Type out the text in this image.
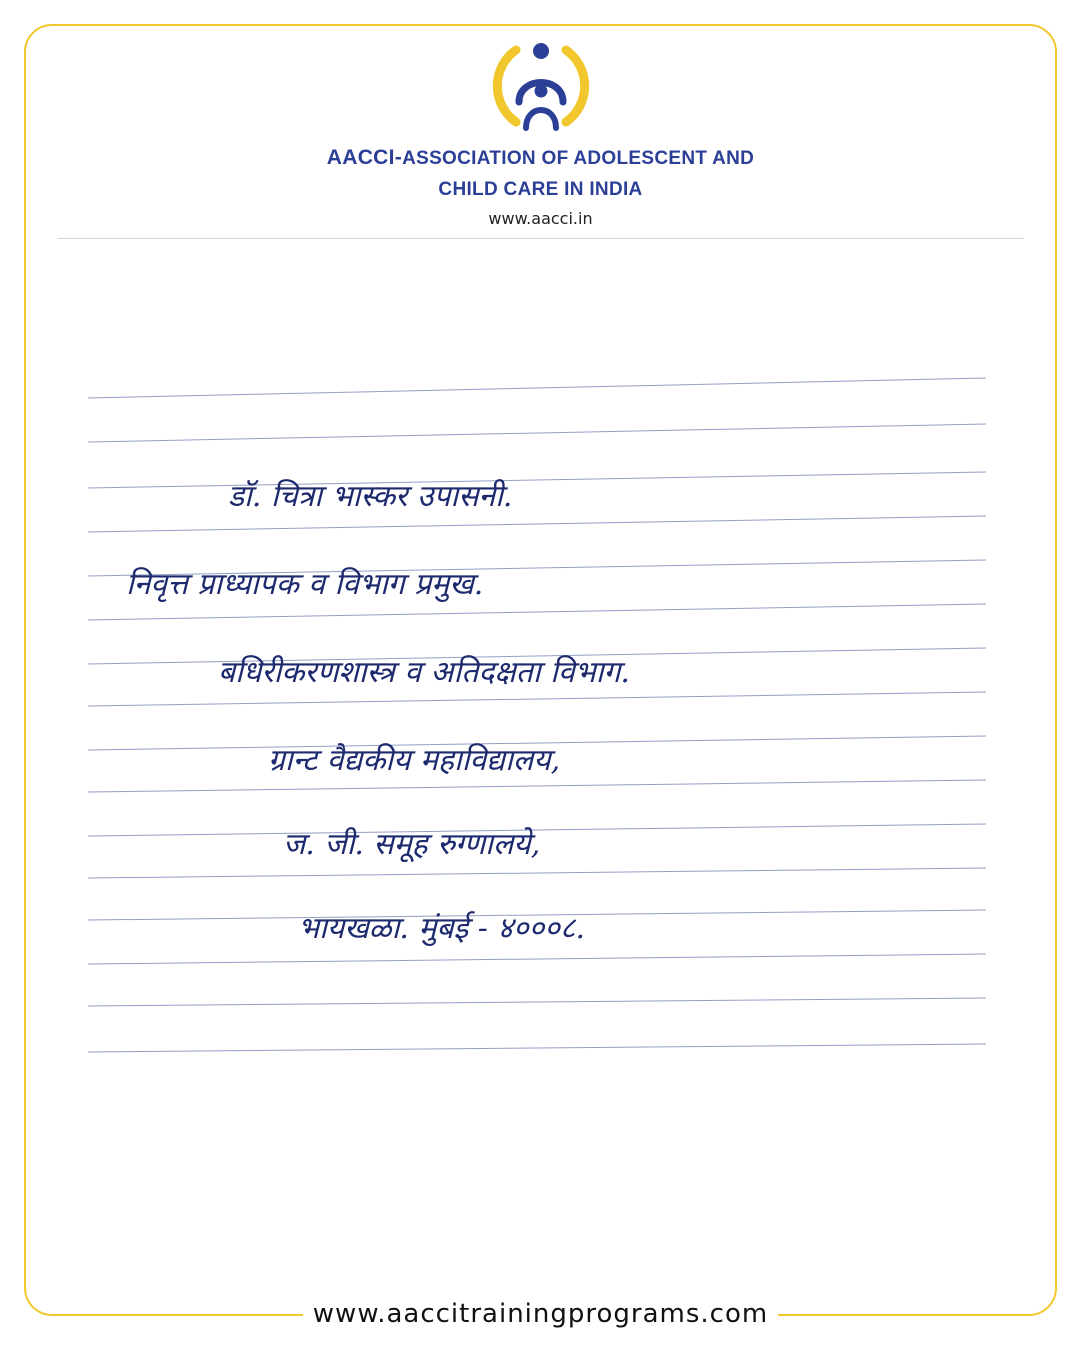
AACCI-ASSOCIATION OF ADOLESCENT AND
CHILD CARE IN INDIA
www.aacci.in
डॉ. चित्रा भास्कर उपासनी.
निवृत्त प्राध्यापक व विभाग प्रमुख.
बधिरीकरणशास्त्र व अतिदक्षता विभाग.
ग्रान्ट वैद्यकीय महाविद्यालय,
ज. जी. समूह रुग्णालये,
भायखळा. मुंबई - ४०००८.
www.aaccitrainingprograms.com
